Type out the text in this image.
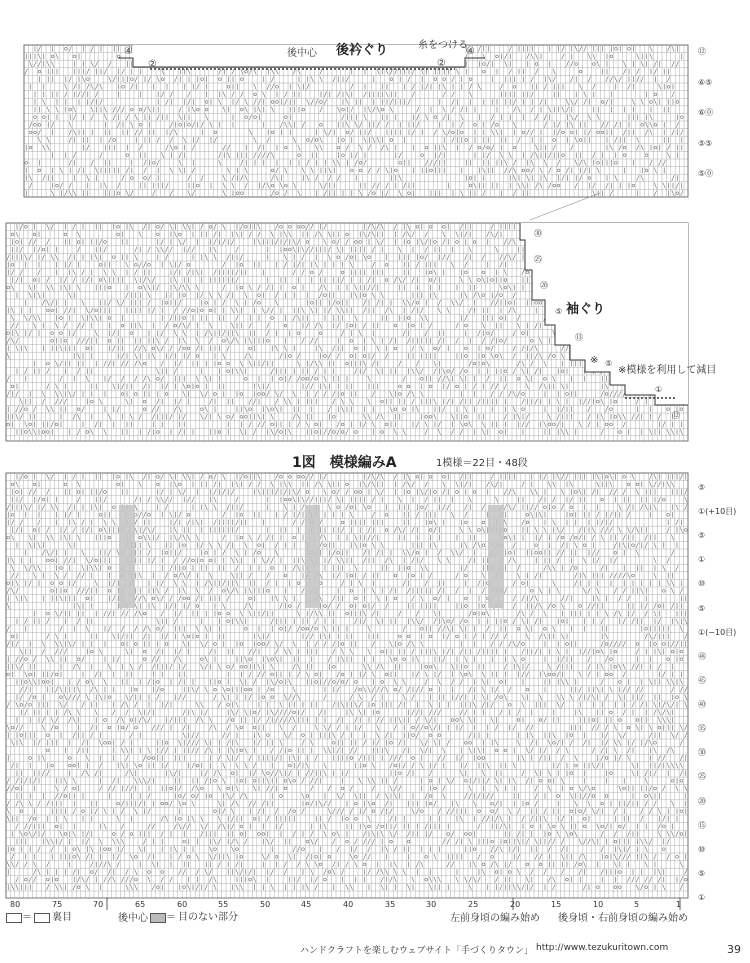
後衿ぐり
後中心
糸をつける
④
②	②
④
袖ぐり
※模様を利用して減目
※
1図　模様編みA	1模様＝22目・48段
後中心	左前身頃の編み始め 後身頃・右前身頃の編み始め
＝ 裏目	＝ 目のない部分
ハンドクラフトを楽しむウェブサイト「手づくりタウン」 http://www.tezukuritown.com	39
⑫
⑥⑤
⑥⓪
⑤⑤
⑤⓪
㉚
㉕
⑳
⑤
⑬
⑤
①
⑫
⑤
①(+10目)
⑤
①
⑩
⑤
①(−10目)
㊽
㊺
㊵
㉟
㉚
㉕
⑳
⑮
⑩
⑤
①
80	75	70	65	60	55	50	45	40	35	30	25	20	15	10	5	1
